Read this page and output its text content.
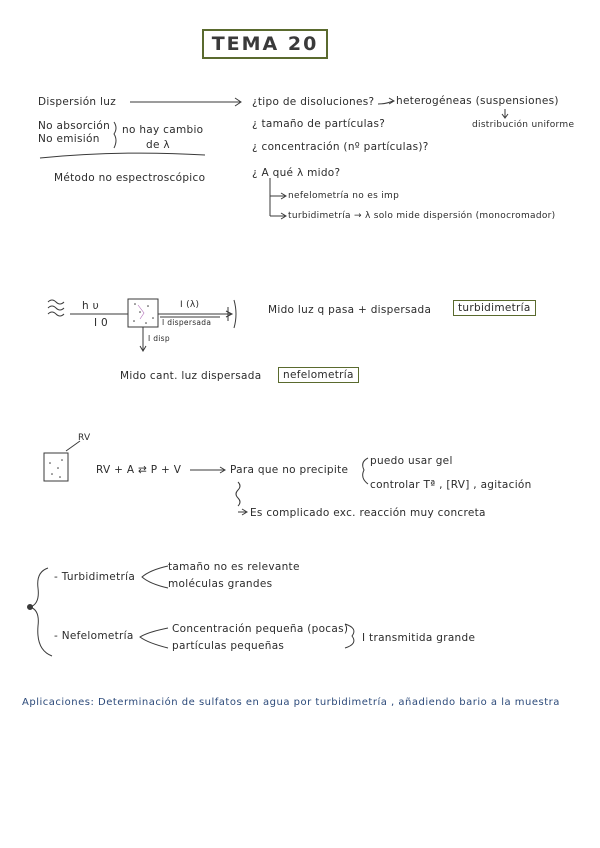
TEMA 20
Dispersión luz	¿tipo de disoluciones? heterogéneas (suspensiones)
distribución uniforme
No absorción
No emisión
no hay cambio
de λ
¿ tamaño de partículas?
¿ concentración (nº partículas)?
Método no espectroscópico	¿ A qué λ mido?
nefelometría no es imp
turbidimetría → λ solo mide dispersión (monocromador)
h υ
I 0
I (λ)
I dispersada
I disp
Mido luz q pasa + dispersada	turbidimetría
Mido cant. luz dispersada	nefelometría
RV
RV + A ⇄ P + V	Para que no precipite
puedo usar gel
controlar Tª , [RV] , agitación
Es complicado exc. reacción muy concreta
- Turbidimetría
tamaño no es relevante
moléculas grandes
- Nefelometría
Concentración pequeña (pocas)
partículas pequeñas
I transmitida grande
Aplicaciones: Determinación de sulfatos en agua por turbidimetría , añadiendo bario a la muestra
